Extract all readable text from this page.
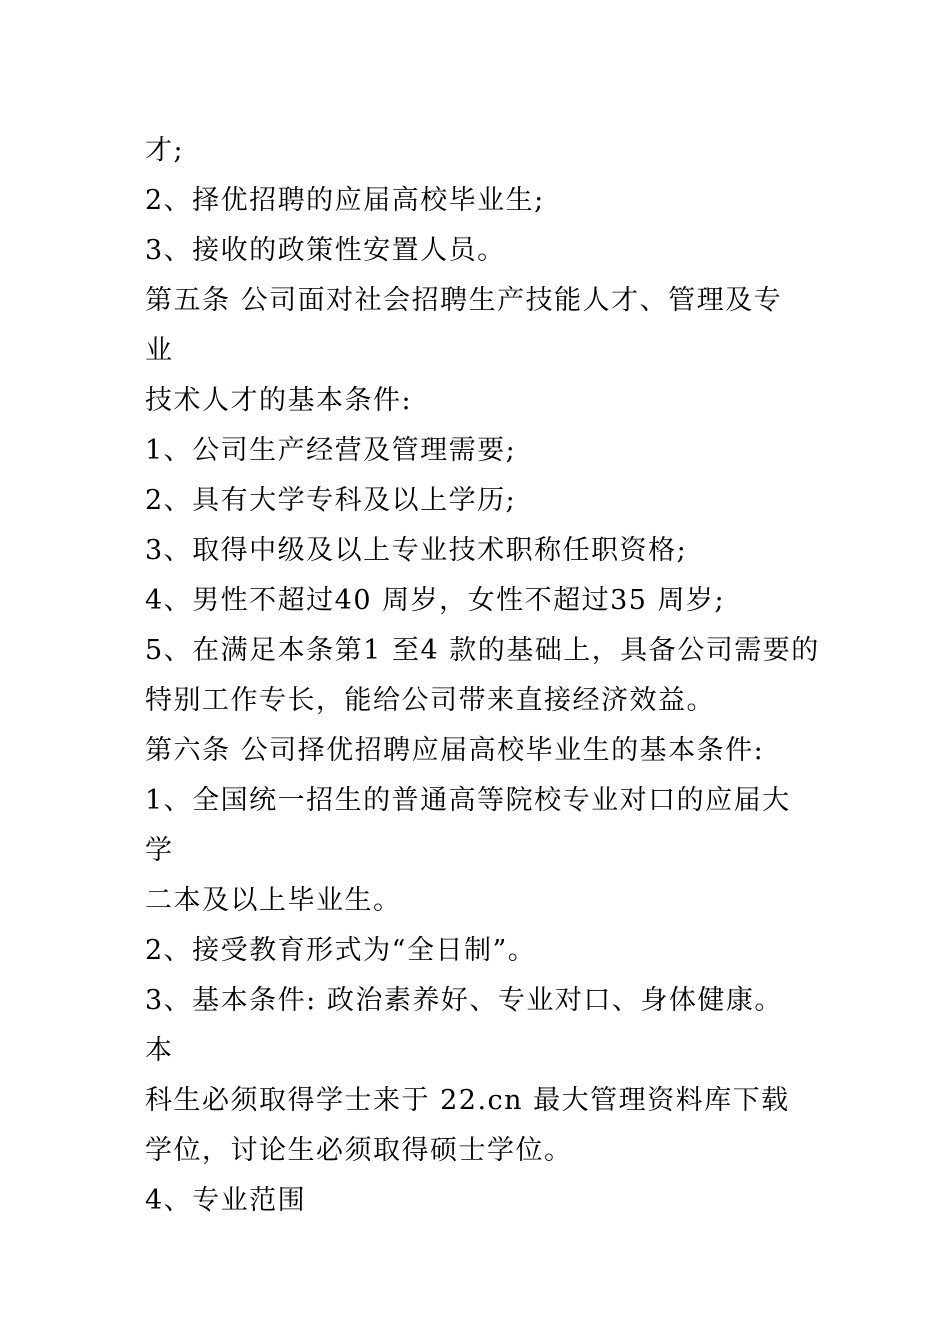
才;
2、择优招聘的应届高校毕业生;
3、接收的政策性安置人员。
第五条 公司面对社会招聘生产技能人才、管理及专
业
技术人才的基本条件:
1、公司生产经营及管理需要;
2、具有大学专科及以上学历;
3、取得中级及以上专业技术职称任职资格;
4、男性不超过40 周岁，女性不超过35 周岁;
5、在满足本条第1 至4 款的基础上，具备公司需要的
特别工作专长，能给公司带来直接经济效益。
第六条 公司择优招聘应届高校毕业生的基本条件:
1、全国统一招生的普通高等院校专业对口的应届大
学
二本及以上毕业生。
2、接受教育形式为“全日制”。
3、基本条件: 政治素养好、专业对口、身体健康。
本
科生必须取得学士来于 22.cn 最大管理资料库下载
学位，讨论生必须取得硕士学位。
4、专业范围
